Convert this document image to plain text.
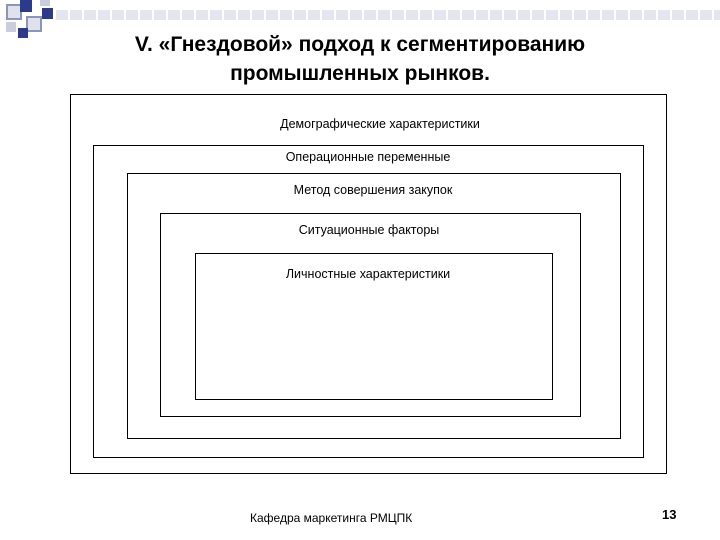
V. «Гнездовой» подход к сегментированию
промышленных рынков.
Демографические характеристики
Операционные переменные
Метод совершения закупок
Ситуационные факторы
Личностные характеристики
Кафедра маркетинга РМЦПК	13
